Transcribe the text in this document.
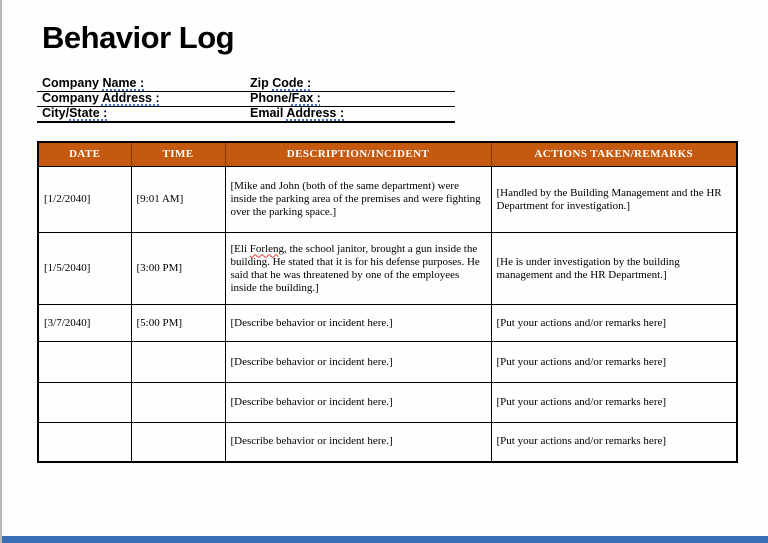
Behavior Log
Company Name :	Zip Code :
Company Address :	Phone/Fax :
City/State :	Email Address :
DATE	TIME	DESCRIPTION/INCIDENT	ACTIONS TAKEN/REMARKS
[1/2/2040]	[9:01 AM]	[Mike and John (both of the same department) were inside the parking area of the premises and were fighting over the parking space.]	[Handled by the Building Management and the HR Department for investigation.]
[1/5/2040]	[3:00 PM]	[Eli Forleng, the school janitor, brought a gun inside the building. He stated that it is for his defense purposes. He said that he was threatened by one of the employees inside the building.]	[He is under investigation by the building management and the HR Department.]
[3/7/2040]	[5:00 PM]	[Describe behavior or incident here.]	[Put your actions and/or remarks here]
		[Describe behavior or incident here.]	[Put your actions and/or remarks here]
		[Describe behavior or incident here.]	[Put your actions and/or remarks here]
		[Describe behavior or incident here.]	[Put your actions and/or remarks here]
